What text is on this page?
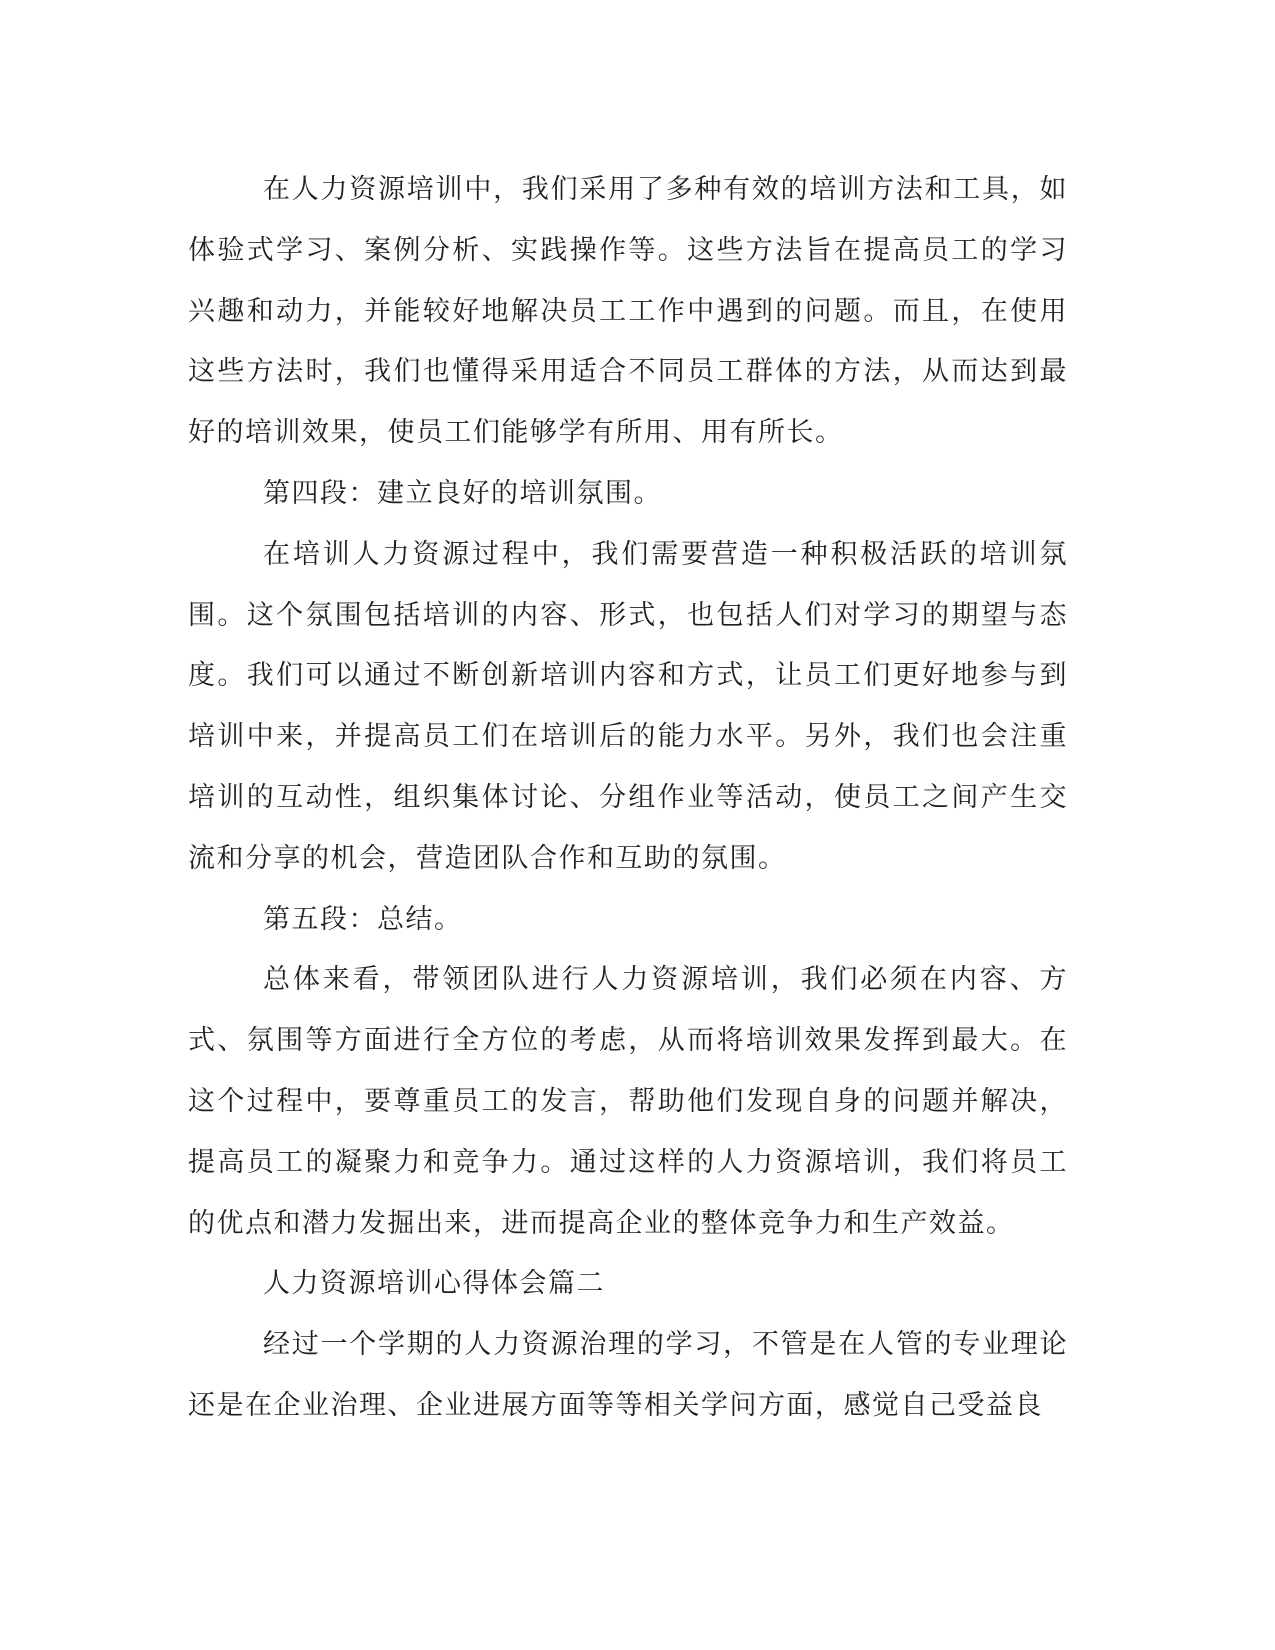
在人力资源培训中，我们采用了多种有效的培训方法和工具，如体验式学习、案例分析、实践操作等。这些方法旨在提高员工的学习兴趣和动力，并能较好地解决员工工作中遇到的问题。而且，在使用这些方法时，我们也懂得采用适合不同员工群体的方法，从而达到最好的培训效果，使员工们能够学有所用、用有所长。

第四段：建立良好的培训氛围。

在培训人力资源过程中，我们需要营造一种积极活跃的培训氛围。这个氛围包括培训的内容、形式，也包括人们对学习的期望与态度。我们可以通过不断创新培训内容和方式，让员工们更好地参与到培训中来，并提高员工们在培训后的能力水平。另外，我们也会注重培训的互动性，组织集体讨论、分组作业等活动，使员工之间产生交流和分享的机会，营造团队合作和互助的氛围。

第五段：总结。

总体来看，带领团队进行人力资源培训，我们必须在内容、方式、氛围等方面进行全方位的考虑，从而将培训效果发挥到最大。在这个过程中，要尊重员工的发言，帮助他们发现自身的问题并解决，提高员工的凝聚力和竞争力。通过这样的人力资源培训，我们将员工的优点和潜力发掘出来，进而提高企业的整体竞争力和生产效益。

人力资源培训心得体会篇二

经过一个学期的人力资源治理的学习，不管是在人管的专业理论还是在企业治理、企业进展方面等等相关学问方面，感觉自己受益良
